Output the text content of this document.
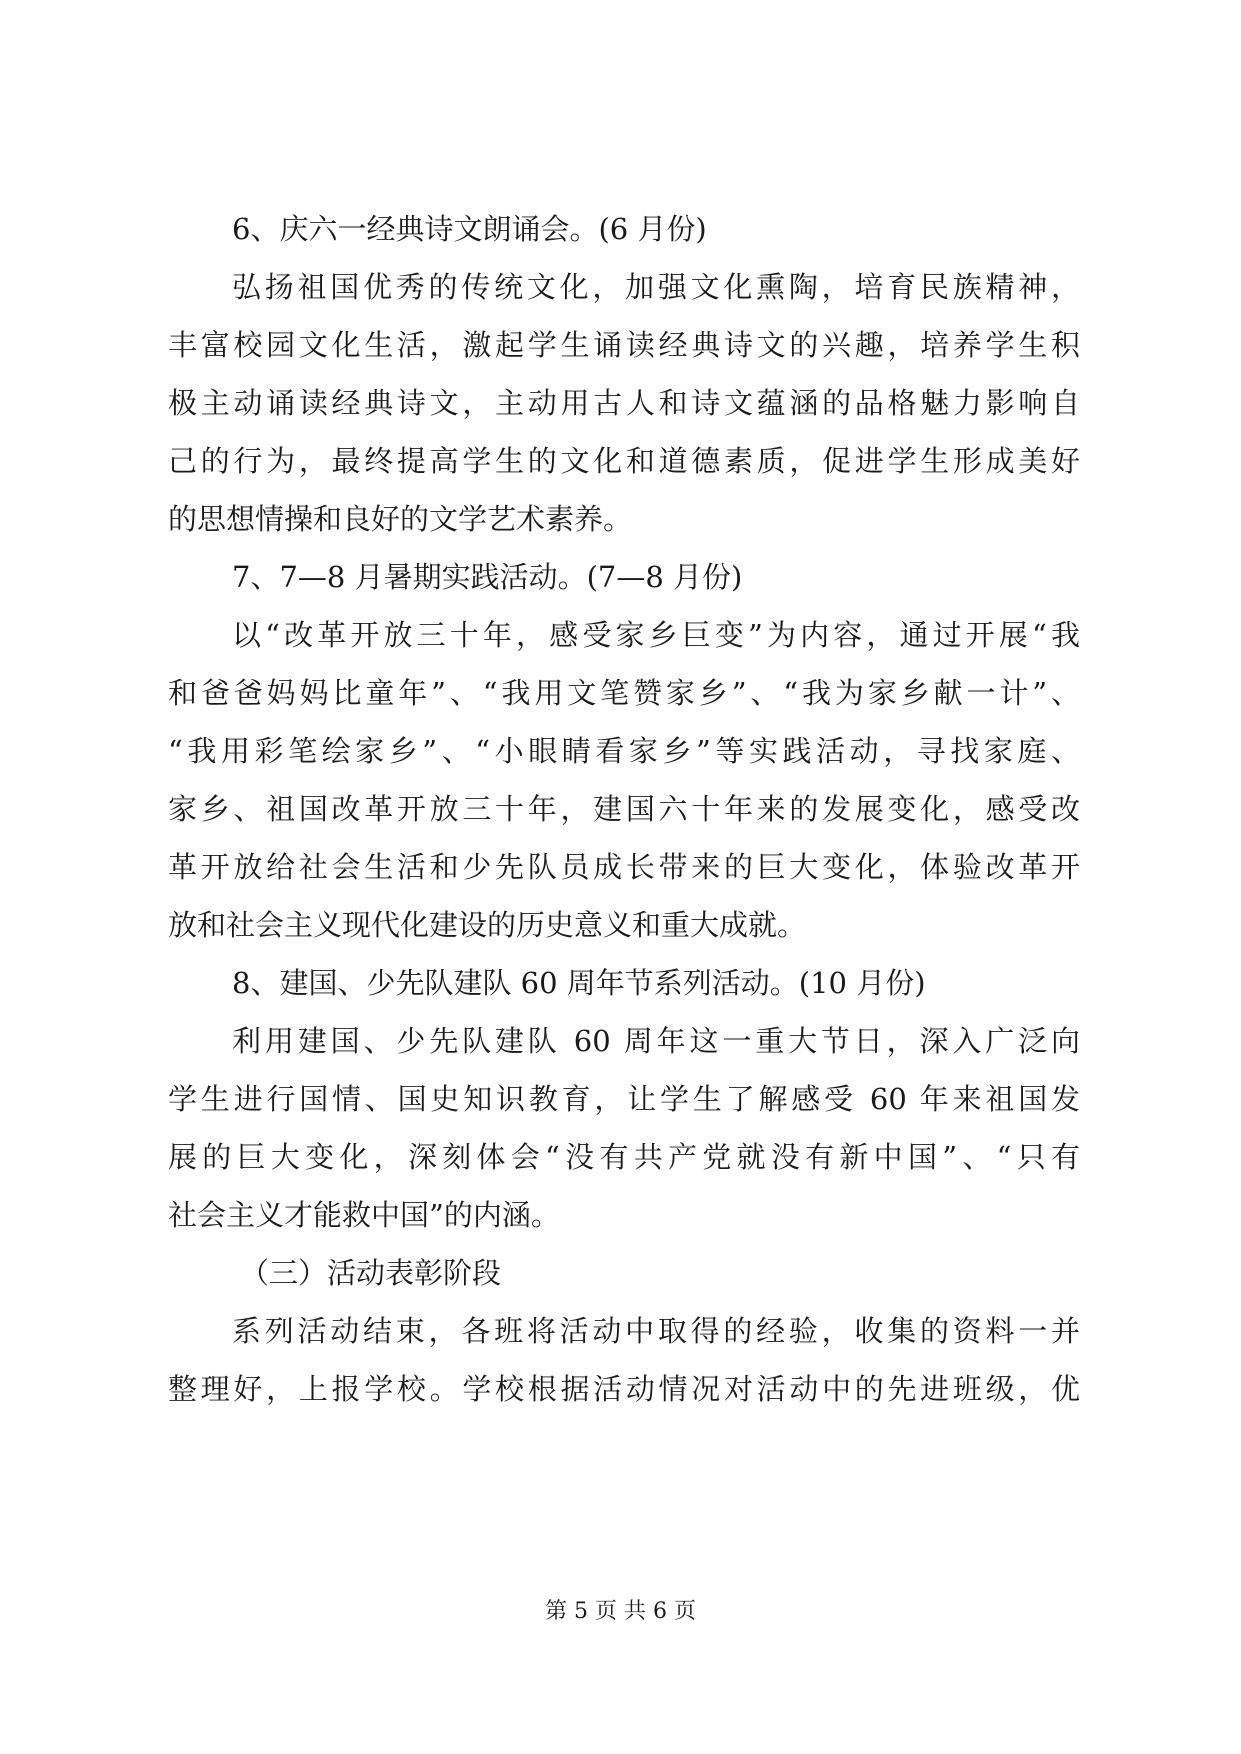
6、庆六一经典诗文朗诵会。(6 月份)
弘扬祖国优秀的传统文化，加强文化熏陶，培育民族精神，
丰富校园文化生活，激起学生诵读经典诗文的兴趣，培养学生积
极主动诵读经典诗文，主动用古人和诗文蕴涵的品格魅力影响自
己的行为，最终提高学生的文化和道德素质，促进学生形成美好
的思想情操和良好的文学艺术素养。
7、7—8 月暑期实践活动。(7—8 月份)
以“改革开放三十年，感受家乡巨变”为内容，通过开展“我
和爸爸妈妈比童年”、“我用文笔赞家乡”、“我为家乡献一计”、
“我用彩笔绘家乡”、“小眼睛看家乡”等实践活动，寻找家庭、
家乡、祖国改革开放三十年，建国六十年来的发展变化，感受改
革开放给社会生活和少先队员成长带来的巨大变化，体验改革开
放和社会主义现代化建设的历史意义和重大成就。
8、建国、少先队建队 60 周年节系列活动。(10 月份)
利用建国、少先队建队 60 周年这一重大节日，深入广泛向
学生进行国情、国史知识教育，让学生了解感受 60 年来祖国发
展的巨大变化，深刻体会“没有共产党就没有新中国”、“只有
社会主义才能救中国”的内涵。
（三）活动表彰阶段
系列活动结束，各班将活动中取得的经验，收集的资料一并
整理好，上报学校。学校根据活动情况对活动中的先进班级，优
第 5 页 共 6 页
